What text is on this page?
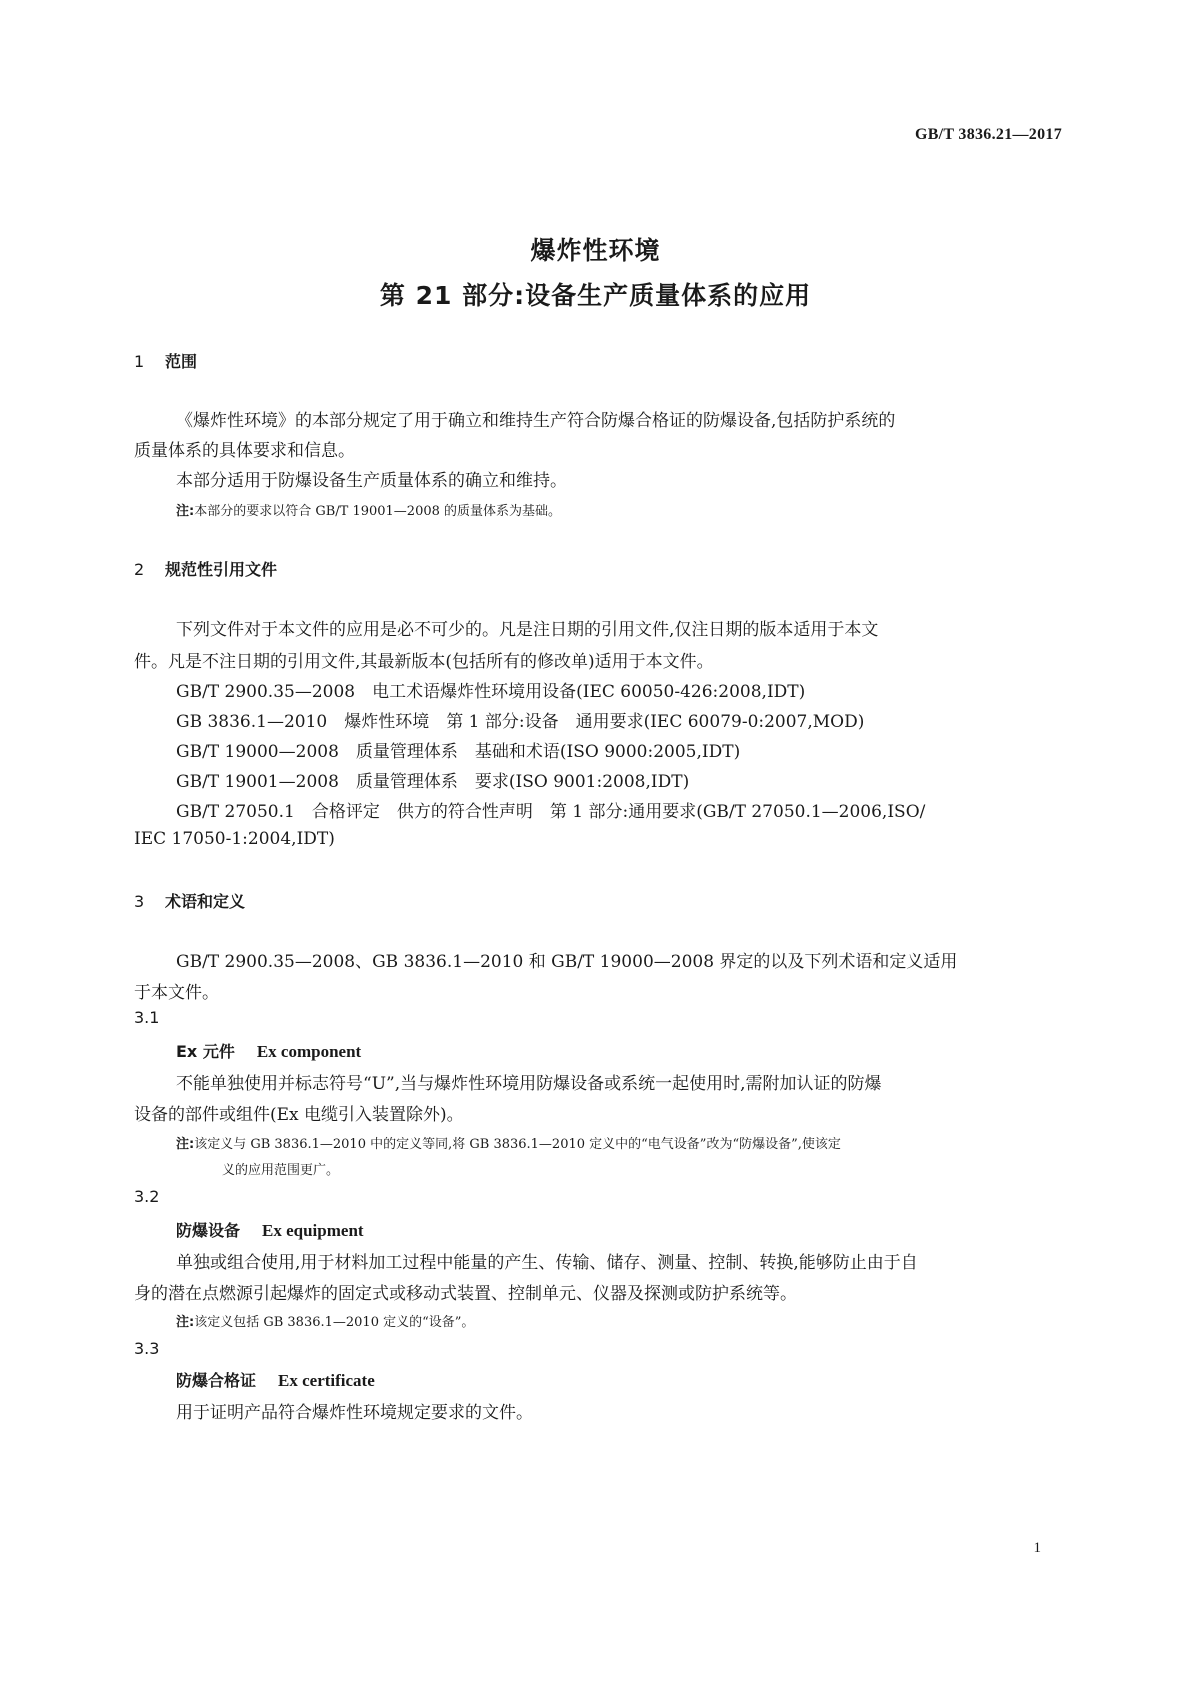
GB/T 3836.21—2017
爆炸性环境
第 21 部分:设备生产质量体系的应用
1 范围
《爆炸性环境》的本部分规定了用于确立和维持生产符合防爆合格证的防爆设备,包括防护系统的
质量体系的具体要求和信息。
本部分适用于防爆设备生产质量体系的确立和维持。
注:本部分的要求以符合 GB/T 19001—2008 的质量体系为基础。
2 规范性引用文件
下列文件对于本文件的应用是必不可少的。凡是注日期的引用文件,仅注日期的版本适用于本文
件。凡是不注日期的引用文件,其最新版本(包括所有的修改单)适用于本文件。
GB/T 2900.35—2008　电工术语爆炸性环境用设备(IEC 60050-426:2008,IDT)
GB 3836.1—2010　爆炸性环境　第 1 部分:设备　通用要求(IEC 60079-0:2007,MOD)
GB/T 19000—2008　质量管理体系　基础和术语(ISO 9000:2005,IDT)
GB/T 19001—2008　质量管理体系　要求(ISO 9001:2008,IDT)
GB/T 27050.1　合格评定　供方的符合性声明　第 1 部分:通用要求(GB/T 27050.1—2006,ISO/
IEC 17050-1:2004,IDT)
3 术语和定义
GB/T 2900.35—2008、GB 3836.1—2010 和 GB/T 19000—2008 界定的以及下列术语和定义适用
于本文件。
3.1
Ex 元件 Ex component
不能单独使用并标志符号“U”,当与爆炸性环境用防爆设备或系统一起使用时,需附加认证的防爆
设备的部件或组件(Ex 电缆引入装置除外)。
注:该定义与 GB 3836.1—2010 中的定义等同,将 GB 3836.1—2010 定义中的“电气设备”改为“防爆设备”,使该定
义的应用范围更广。
3.2
防爆设备 Ex equipment
单独或组合使用,用于材料加工过程中能量的产生、传输、储存、测量、控制、转换,能够防止由于自
身的潜在点燃源引起爆炸的固定式或移动式装置、控制单元、仪器及探测或防护系统等。
注:该定义包括 GB 3836.1—2010 定义的“设备”。
3.3
防爆合格证 Ex certificate
用于证明产品符合爆炸性环境规定要求的文件。
1
